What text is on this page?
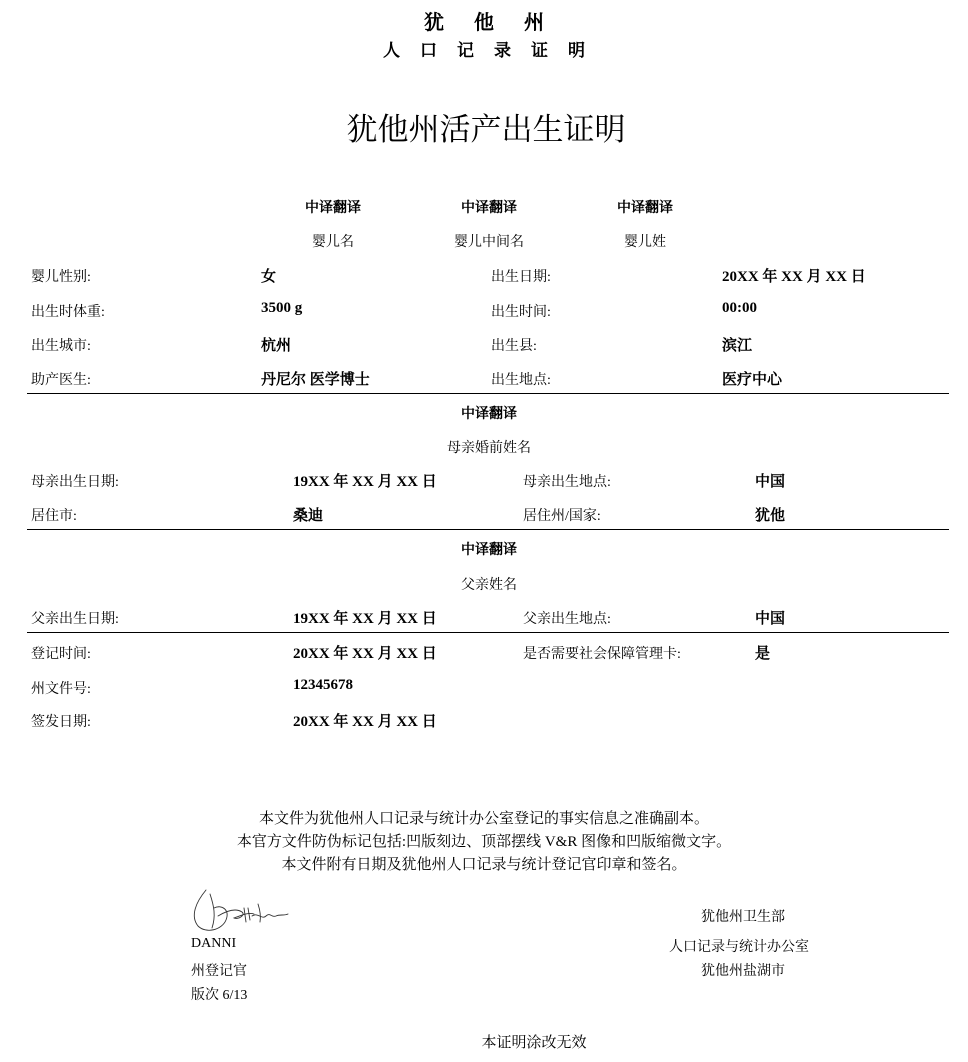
犹他州
人口记录证明
犹他州活产出生证明
中译翻译	中译翻译	中译翻译
婴儿名	婴儿中间名	婴儿姓
婴儿性别:	女	出生日期:	20XX 年 XX 月 XX 日
出生时体重:	3500 g	出生时间:	00:00
出生城市:	杭州	出生县:	滨江
助产医生:	丹尼尔 医学博士	出生地点:	医疗中心
中译翻译
母亲婚前姓名
母亲出生日期:	19XX 年 XX 月 XX 日	母亲出生地点:	中国
居住市:	桑迪	居住州/国家:	犹他
中译翻译
父亲姓名
父亲出生日期:	19XX 年 XX 月 XX 日	父亲出生地点:	中国
登记时间:	20XX 年 XX 月 XX 日	是否需要社会保障管理卡:	是
州文件号:	12345678
签发日期:	20XX 年 XX 月 XX 日
本文件为犹他州人口记录与统计办公室登记的事实信息之准确副本。
本官方文件防伪标记包括:凹版刻边、顶部摆线 V&R 图像和凹版缩微文字。
本文件附有日期及犹他州人口记录与统计登记官印章和签名。
DANNI
州登记官
版次 6/13
犹他州卫生部
人口记录与统计办公室
犹他州盐湖市
本证明涂改无效
